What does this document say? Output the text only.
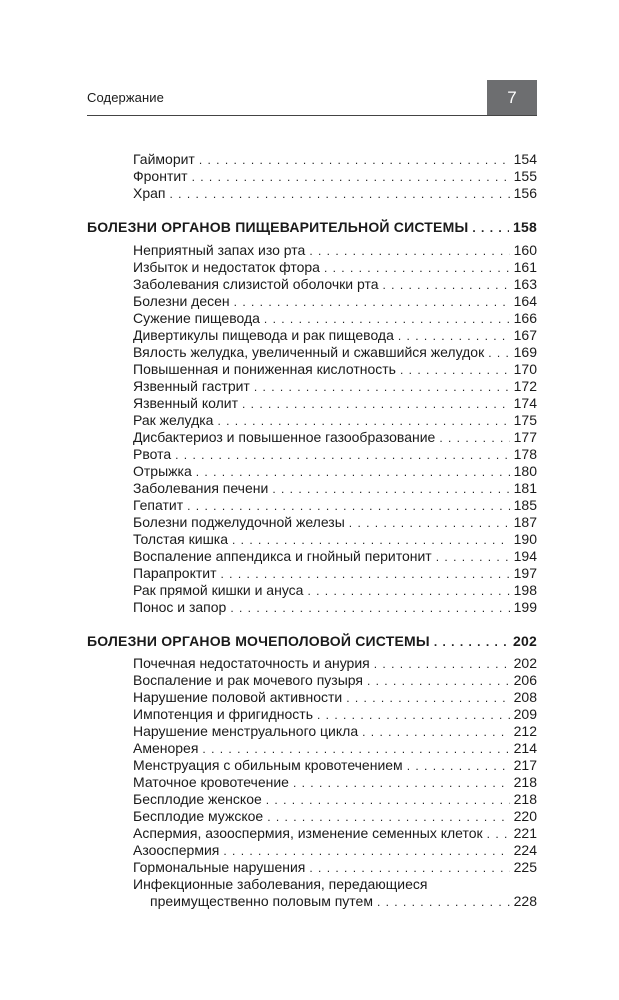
Содержание	7
Гайморит . . .	154
Фронтит . . .	155
Храп . . .	156
БОЛЕЗНИ ОРГАНОВ ПИЩЕВАРИТЕЛЬНОЙ СИСТЕМЫ . . .	158
Неприятный запах изо рта . . .	160
Избыток и недостаток фтора . . .	161
Заболевания слизистой оболочки рта . . .	163
Болезни десен . . .	164
Сужение пищевода . . .	166
Дивертикулы пищевода и рак пищевода . . .	167
Вялость желудка, увеличенный и сжавшийся желудок . . . 169
Повышенная и пониженная кислотность . . .	170
Язвенный гастрит . . .	172
Язвенный колит . . .	174
Рак желудка . . .	175
Дисбактериоз и повышенное газообразование . . .	177
Рвота . . .	178
Отрыжка . . .	180
Заболевания печени . . .	181
Гепатит . . .	185
Болезни поджелудочной железы . . .	187
Толстая кишка . . .	190
Воспаление аппендикса и гнойный перитонит . . .	194
Парапроктит . . .	197
Рак прямой кишки и ануса . . .	198
Понос и запор . . .	199
БОЛЕЗНИ ОРГАНОВ МОЧЕПОЛОВОЙ СИСТЕМЫ . . .	202
Почечная недостаточность и анурия . . .	202
Воспаление и рак мочевого пузыря . . .	206
Нарушение половой активности . . .	208
Импотенция и фригидность . . .	209
Нарушение менструального цикла . . .	212
Аменорея . . .	214
Менструация с обильным кровотечением . . .	217
Маточное кровотечение . . .	218
Бесплодие женское . . .	218
Бесплодие мужское . . .	220
Аспермия, азооспермия, изменение семенных клеток . . . 221
Азооспермия . . .	224
Гормональные нарушения . . .	225
Инфекционные заболевания, передающиеся
преимущественно половым путем . . .	228
